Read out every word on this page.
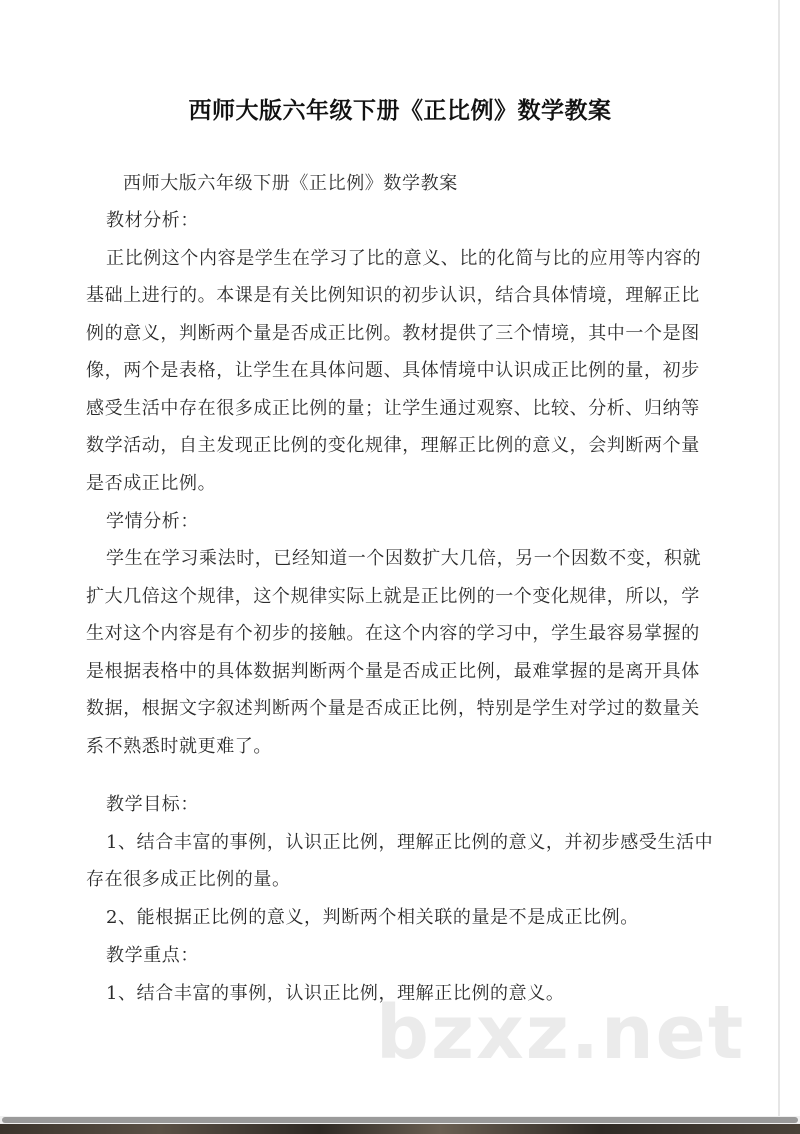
西师大版六年级下册《正比例》数学教案
西师大版六年级下册《正比例》数学教案
教材分析：
正比例这个内容是学生在学习了比的意义、比的化简与比的应用等内容的
基础上进行的。本课是有关比例知识的初步认识，结合具体情境，理解正比
例的意义，判断两个量是否成正比例。教材提供了三个情境，其中一个是图
像，两个是表格，让学生在具体问题、具体情境中认识成正比例的量，初步
感受生活中存在很多成正比例的量；让学生通过观察、比较、分析、归纳等
数学活动，自主发现正比例的变化规律，理解正比例的意义，会判断两个量
是否成正比例。
学情分析：
学生在学习乘法时，已经知道一个因数扩大几倍，另一个因数不变，积就
扩大几倍这个规律，这个规律实际上就是正比例的一个变化规律，所以，学
生对这个内容是有个初步的接触。在这个内容的学习中，学生最容易掌握的
是根据表格中的具体数据判断两个量是否成正比例，最难掌握的是离开具体
数据，根据文字叙述判断两个量是否成正比例，特别是学生对学过的数量关
系不熟悉时就更难了。
教学目标：
1、结合丰富的事例，认识正比例，理解正比例的意义，并初步感受生活中
存在很多成正比例的量。
2、能根据正比例的意义，判断两个相关联的量是不是成正比例。
教学重点：
1、结合丰富的事例，认识正比例，理解正比例的意义。
bzxz.net
